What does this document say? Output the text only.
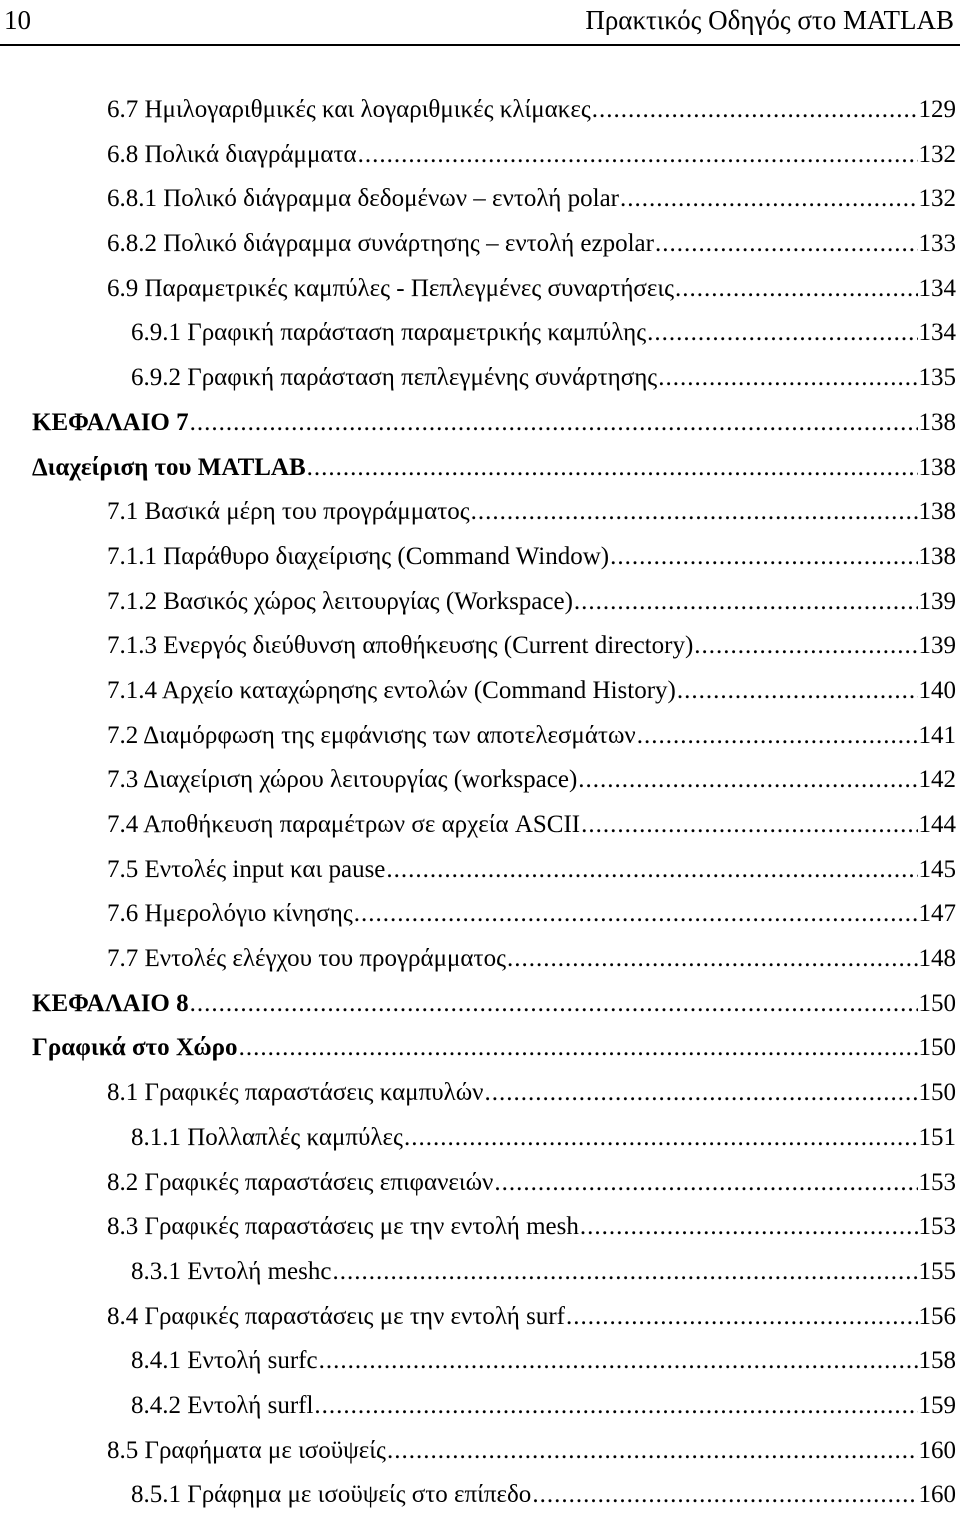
10	Πρακτικός Οδηγός στο MATLAB
6.7 Ημιλογαριθμικές και λογαριθμικές κλίμακες .....	129
6.8 Πολικά διαγράμματα .....	132
6.8.1 Πολικό διάγραμμα δεδομένων – εντολή polar .....	132
6.8.2 Πολικό διάγραμμα συνάρτησης – εντολή ezpolar .....	133
6.9 Παραμετρικές καμπύλες - Πεπλεγμένες συναρτήσεις .....	134
6.9.1 Γραφική παράσταση παραμετρικής καμπύλης .....	134
6.9.2 Γραφική παράσταση πεπλεγμένης συνάρτησης .....	135
ΚΕΦΑΛΑΙΟ 7 .....	138
Διαχείριση του MATLAB .....	138
7.1 Βασικά μέρη του προγράμματος .....	138
7.1.1 Παράθυρο διαχείρισης (Command Window) .....	138
7.1.2 Βασικός χώρος λειτουργίας (Workspace) .....	139
7.1.3 Ενεργός διεύθυνση αποθήκευσης (Current directory) .....	139
7.1.4 Αρχείο καταχώρησης εντολών (Command History) .....	140
7.2 Διαμόρφωση της εμφάνισης των αποτελεσμάτων .....	141
7.3 Διαχείριση χώρου λειτουργίας (workspace) .....	142
7.4 Αποθήκευση παραμέτρων σε αρχεία ASCII .....	144
7.5 Εντολές input και pause .....	145
7.6 Ημερολόγιο κίνησης .....	147
7.7 Εντολές ελέγχου του προγράμματος .....	148
ΚΕΦΑΛΑΙΟ 8 .....	150
Γραφικά στο Χώρο .....	150
8.1 Γραφικές παραστάσεις καμπυλών .....	150
8.1.1 Πολλαπλές καμπύλες .....	151
8.2 Γραφικές παραστάσεις επιφανειών .....	153
8.3 Γραφικές παραστάσεις με την εντολή mesh .....	153
8.3.1 Εντολή meshc .....	155
8.4 Γραφικές παραστάσεις με την εντολή surf .....	156
8.4.1 Εντολή surfc .....	158
8.4.2 Εντολή surfl .....	159
8.5 Γραφήματα με ισοϋψείς .....	160
8.5.1 Γράφημα με ισοϋψείς στο επίπεδο .....	160
